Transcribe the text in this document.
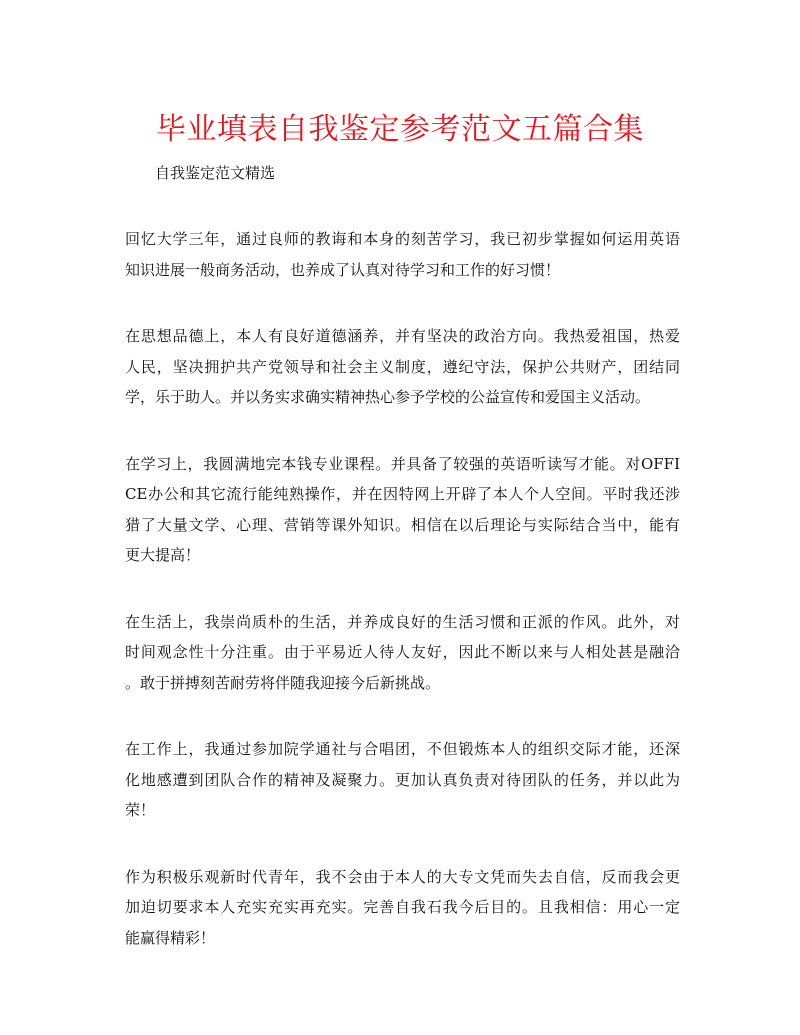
毕业填表自我鉴定参考范文五篇合集
自我鉴定范文精选
回忆大学三年，通过良师的教诲和本身的刻苦学习，我已初步掌握如何运用英语
知识进展一般商务活动，也养成了认真对待学习和工作的好习惯！
在思想品德上，本人有良好道德涵养，并有坚决的政治方向。我热爱祖国，热爱
人民，坚决拥护共产党领导和社会主义制度，遵纪守法，保护公共财产，团结同
学，乐于助人。并以务实求确实精神热心参予学校的公益宣传和爱国主义活动。
在学习上，我圆满地完本钱专业课程。并具备了较强的英语听读写才能。对OFFI
CE办公和其它流行能纯熟操作，并在因特网上开辟了本人个人空间。平时我还涉
猎了大量文学、心理、营销等课外知识。相信在以后理论与实际结合当中，能有
更大提高！
在生活上，我崇尚质朴的生活，并养成良好的生活习惯和正派的作风。此外，对
时间观念性十分注重。由于平易近人待人友好，因此不断以来与人相处甚是融洽
。敢于拼搏刻苦耐劳将伴随我迎接今后新挑战。
在工作上，我通过参加院学通社与合唱团，不但锻炼本人的组织交际才能，还深
化地感遭到团队合作的精神及凝聚力。更加认真负责对待团队的任务，并以此为
荣！
作为积极乐观新时代青年，我不会由于本人的大专文凭而失去自信，反而我会更
加迫切要求本人充实充实再充实。完善自我石我今后目的。且我相信：用心一定
能赢得精彩！
